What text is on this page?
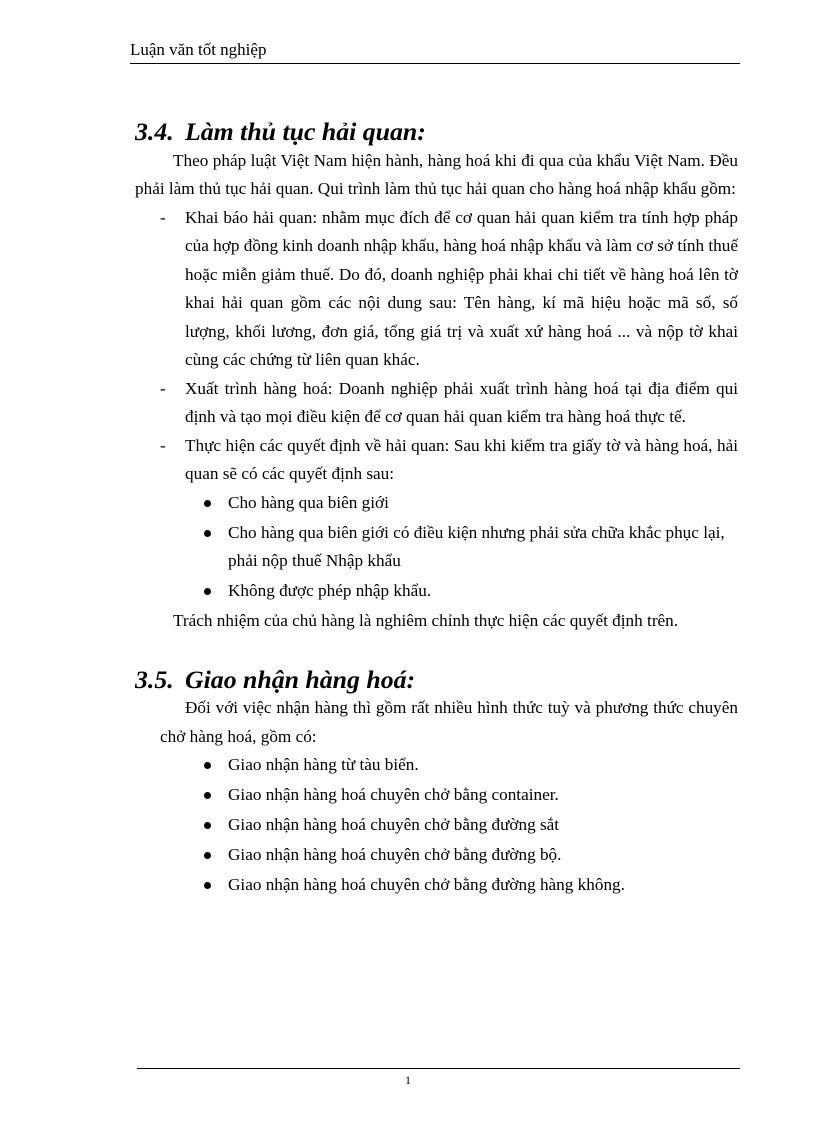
Luận văn tốt nghiệp
3.4. Làm thủ tục hải quan:

Theo pháp luật Việt Nam hiện hành, hàng hoá khi đi qua của khẩu Việt Nam. Đều phải làm thủ tục hải quan. Qui trình làm thủ tục hải quan cho hàng hoá nhập khẩu gồm:

- Khai báo hải quan: nhằm mục đích để cơ quan hải quan kiểm tra tính hợp pháp của hợp đồng kinh doanh nhập khẩu, hàng hoá nhập khẩu và làm cơ sở tính thuế hoặc miễn giảm thuế. Do đó, doanh nghiệp phải khai chi tiết về hàng hoá lên tờ khai hải quan gồm các nội dung sau: Tên hàng, kí mã hiệu hoặc mã số, số lượng, khối lương, đơn giá, tổng giá trị và xuất xứ hàng hoá ... và nộp tờ khai cùng các chứng từ liên quan khác.
- Xuất trình hàng hoá: Doanh nghiệp phải xuất trình hàng hoá tại địa điểm qui định và tạo mọi điều kiện để cơ quan hải quan kiểm tra hàng hoá thực tế.
- Thực hiện các quyết định về hải quan: Sau khi kiểm tra giấy tờ và hàng hoá, hải quan sẽ có các quyết định sau:
Cho hàng qua biên giới
Cho hàng qua biên giới có điều kiện nhưng phải sửa chữa khắc phục lại, phải nộp thuế Nhập khẩu
Không được phép nhập khẩu.

Trách nhiệm của chủ hàng là nghiêm chỉnh thực hiện các quyết định trên.

3.5. Giao nhận hàng hoá:

Đối với việc nhận hàng thì gồm rất nhiều hình thức tuỳ và phương thức chuyên chở hàng hoá, gồm có:

Giao nhận hàng từ tàu biển.
Giao nhận hàng hoá chuyên chở bằng container.
Giao nhận hàng hoá chuyên chở bằng đường sắt
Giao nhận hàng hoá chuyên chở bằng đường bộ.
Giao nhận hàng hoá chuyên chở bằng đường hàng không.
1
